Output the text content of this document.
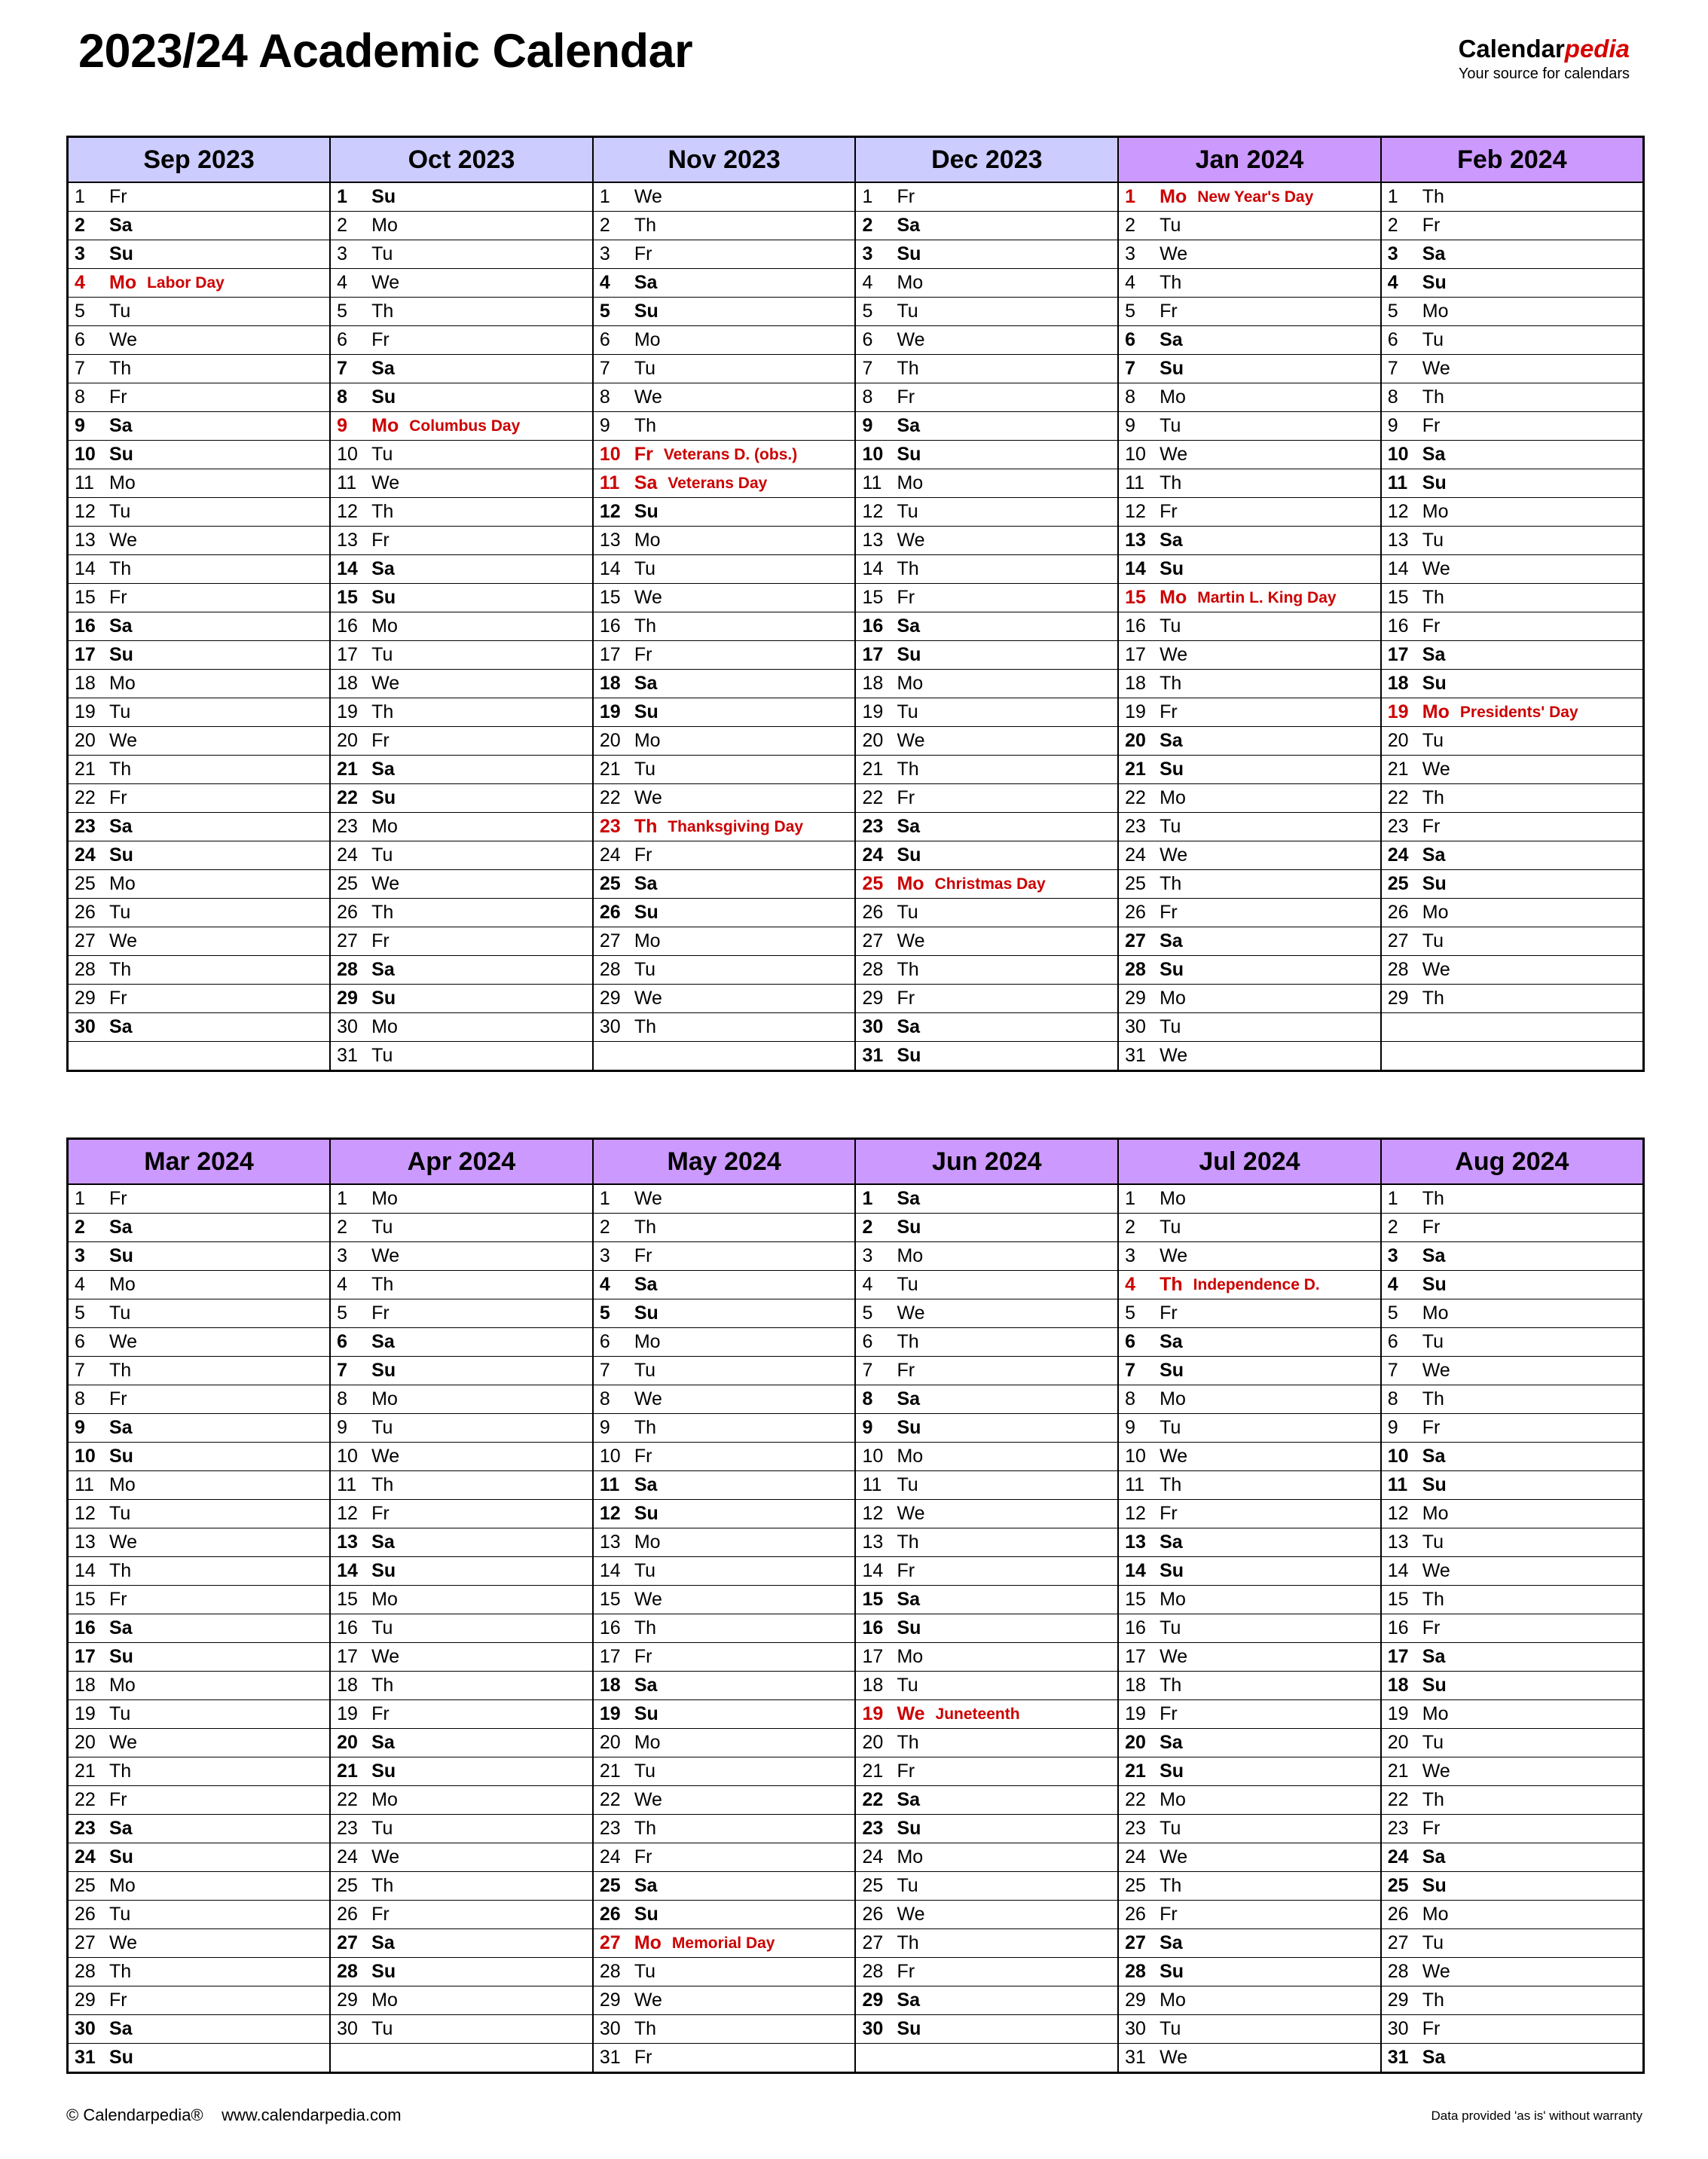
2023/24 Academic Calendar	Calendarpedia
Your source for calendars
Sep 2023	Oct 2023	Nov 2023	Dec 2023	Jan 2024	Feb 2024

1 Fr	1 Su	1 We	1 Fr	1 Mo New Year's Day	1 Th

2 Sa	2 Mo	2 Th	2 Sa	2 Tu	2 Fr

3 Su	3 Tu	3 Fr	3 Su	3 We	3 Sa

4 Mo Labor Day	4 We	4 Sa	4 Mo	4 Th	4 Su

5 Tu	5 Th	5 Su	5 Tu	5 Fr	5 Mo

6 We	6 Fr	6 Mo	6 We	6 Sa	6 Tu

7 Th	7 Sa	7 Tu	7 Th	7 Su	7 We

8 Fr	8 Su	8 We	8 Fr	8 Mo	8 Th

9 Sa	9 Mo Columbus Day	9 Th	9 Sa	9 Tu	9 Fr

10 Su	10 Tu	10 Fr Veterans D. (obs.)	10 Su	10 We	10 Sa

11 Mo	11 We	11 Sa Veterans Day	11 Mo	11 Th	11 Su

12 Tu	12 Th	12 Su	12 Tu	12 Fr	12 Mo

13 We	13 Fr	13 Mo	13 We	13 Sa	13 Tu

14 Th	14 Sa	14 Tu	14 Th	14 Su	14 We

15 Fr	15 Su	15 We	15 Fr	15 Mo Martin L. King Day	15 Th

16 Sa	16 Mo	16 Th	16 Sa	16 Tu	16 Fr

17 Su	17 Tu	17 Fr	17 Su	17 We	17 Sa

18 Mo	18 We	18 Sa	18 Mo	18 Th	18 Su

19 Tu	19 Th	19 Su	19 Tu	19 Fr	19 Mo Presidents' Day

20 We	20 Fr	20 Mo	20 We	20 Sa	20 Tu

21 Th	21 Sa	21 Tu	21 Th	21 Su	21 We

22 Fr	22 Su	22 We	22 Fr	22 Mo	22 Th

23 Sa	23 Mo	23 Th Thanksgiving Day	23 Sa	23 Tu	23 Fr

24 Su	24 Tu	24 Fr	24 Su	24 We	24 Sa

25 Mo	25 We	25 Sa	25 Mo Christmas Day	25 Th	25 Su

26 Tu	26 Th	26 Su	26 Tu	26 Fr	26 Mo

27 We	27 Fr	27 Mo	27 We	27 Sa	27 Tu

28 Th	28 Sa	28 Tu	28 Th	28 Su	28 We

29 Fr	29 Su	29 We	29 Fr	29 Mo	29 Th

30 Sa	30 Mo	30 Th	30 Sa	30 Tu	

	31 Tu		31 Su	31 We	

Mar 2024	Apr 2024	May 2024	Jun 2024	Jul 2024	Aug 2024

1 Fr	1 Mo	1 We	1 Sa	1 Mo	1 Th

2 Sa	2 Tu	2 Th	2 Su	2 Tu	2 Fr

3 Su	3 We	3 Fr	3 Mo	3 We	3 Sa

4 Mo	4 Th	4 Sa	4 Tu	4 Th Independence D.	4 Su

5 Tu	5 Fr	5 Su	5 We	5 Fr	5 Mo

6 We	6 Sa	6 Mo	6 Th	6 Sa	6 Tu

7 Th	7 Su	7 Tu	7 Fr	7 Su	7 We

8 Fr	8 Mo	8 We	8 Sa	8 Mo	8 Th

9 Sa	9 Tu	9 Th	9 Su	9 Tu	9 Fr

10 Su	10 We	10 Fr	10 Mo	10 We	10 Sa

11 Mo	11 Th	11 Sa	11 Tu	11 Th	11 Su

12 Tu	12 Fr	12 Su	12 We	12 Fr	12 Mo

13 We	13 Sa	13 Mo	13 Th	13 Sa	13 Tu

14 Th	14 Su	14 Tu	14 Fr	14 Su	14 We

15 Fr	15 Mo	15 We	15 Sa	15 Mo	15 Th

16 Sa	16 Tu	16 Th	16 Su	16 Tu	16 Fr

17 Su	17 We	17 Fr	17 Mo	17 We	17 Sa

18 Mo	18 Th	18 Sa	18 Tu	18 Th	18 Su

19 Tu	19 Fr	19 Su	19 We Juneteenth	19 Fr	19 Mo

20 We	20 Sa	20 Mo	20 Th	20 Sa	20 Tu

21 Th	21 Su	21 Tu	21 Fr	21 Su	21 We

22 Fr	22 Mo	22 We	22 Sa	22 Mo	22 Th

23 Sa	23 Tu	23 Th	23 Su	23 Tu	23 Fr

24 Su	24 We	24 Fr	24 Mo	24 We	24 Sa

25 Mo	25 Th	25 Sa	25 Tu	25 Th	25 Su

26 Tu	26 Fr	26 Su	26 We	26 Fr	26 Mo

27 We	27 Sa	27 Mo Memorial Day	27 Th	27 Sa	27 Tu

28 Th	28 Su	28 Tu	28 Fr	28 Su	28 We

29 Fr	29 Mo	29 We	29 Sa	29 Mo	29 Th

30 Sa	30 Tu	30 Th	30 Su	30 Tu	30 Fr

31 Su		31 Fr		31 We	31 Sa
© Calendarpedia® www.calendarpedia.com	Data provided 'as is' without warranty
